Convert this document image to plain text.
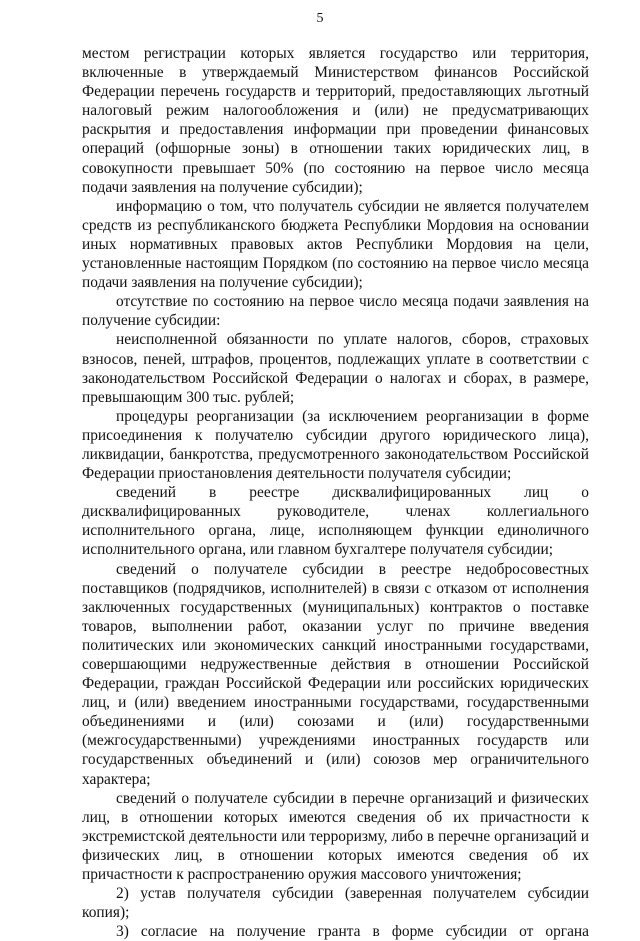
5

местом регистрации которых является государство или территория, включенные в утверждаемый Министерством финансов Российской Федерации перечень государств и территорий, предоставляющих льготный налоговый режим налогообложения и (или) не предусматривающих раскрытия и предоставления информации при проведении финансовых операций (офшорные зоны) в отношении таких юридических лиц, в совокупности превышает 50% (по состоянию на первое число месяца подачи заявления на получение субсидии);

информацию о том, что получатель субсидии не является получателем средств из республиканского бюджета Республики Мордовия на основании иных нормативных правовых актов Республики Мордовия на цели, установленные настоящим Порядком (по состоянию на первое число месяца подачи заявления на получение субсидии);

отсутствие по состоянию на первое число месяца подачи заявления на получение субсидии:

неисполненной обязанности по уплате налогов, сборов, страховых взносов, пеней, штрафов, процентов, подлежащих уплате в соответствии с законодательством Российской Федерации о налогах и сборах, в размере, превышающим 300 тыс. рублей;

процедуры реорганизации (за исключением реорганизации в форме присоединения к получателю субсидии другого юридического лица), ликвидации, банкротства, предусмотренного законодательством Российской Федерации приостановления деятельности получателя субсидии;

сведений в реестре дисквалифицированных лиц о дисквалифицированных руководителе, членах коллегиального исполнительного органа, лице, исполняющем функции единоличного исполнительного органа, или главном бухгалтере получателя субсидии;

сведений о получателе субсидии в реестре недобросовестных поставщиков (подрядчиков, исполнителей) в связи с отказом от исполнения заключенных государственных (муниципальных) контрактов о поставке товаров, выполнении работ, оказании услуг по причине введения политических или экономических санкций иностранными государствами, совершающими недружественные действия в отношении Российской Федерации, граждан Российской Федерации или российских юридических лиц, и (или) введением иностранными государствами, государственными объединениями и (или) союзами и (или) государственными (межгосударственными) учреждениями иностранных государств или государственных объединений и (или) союзов мер ограничительного характера;

сведений о получателе субсидии в перечне организаций и физических лиц, в отношении которых имеются сведения об их причастности к экстремистской деятельности или терроризму, либо в перечне организаций и физических лиц, в отношении которых имеются сведения об их причастности к распространению оружия массового уничтожения;

2) устав получателя субсидии (заверенная получателем субсидии копия);

3) согласие на получение гранта в форме субсидии от органа
